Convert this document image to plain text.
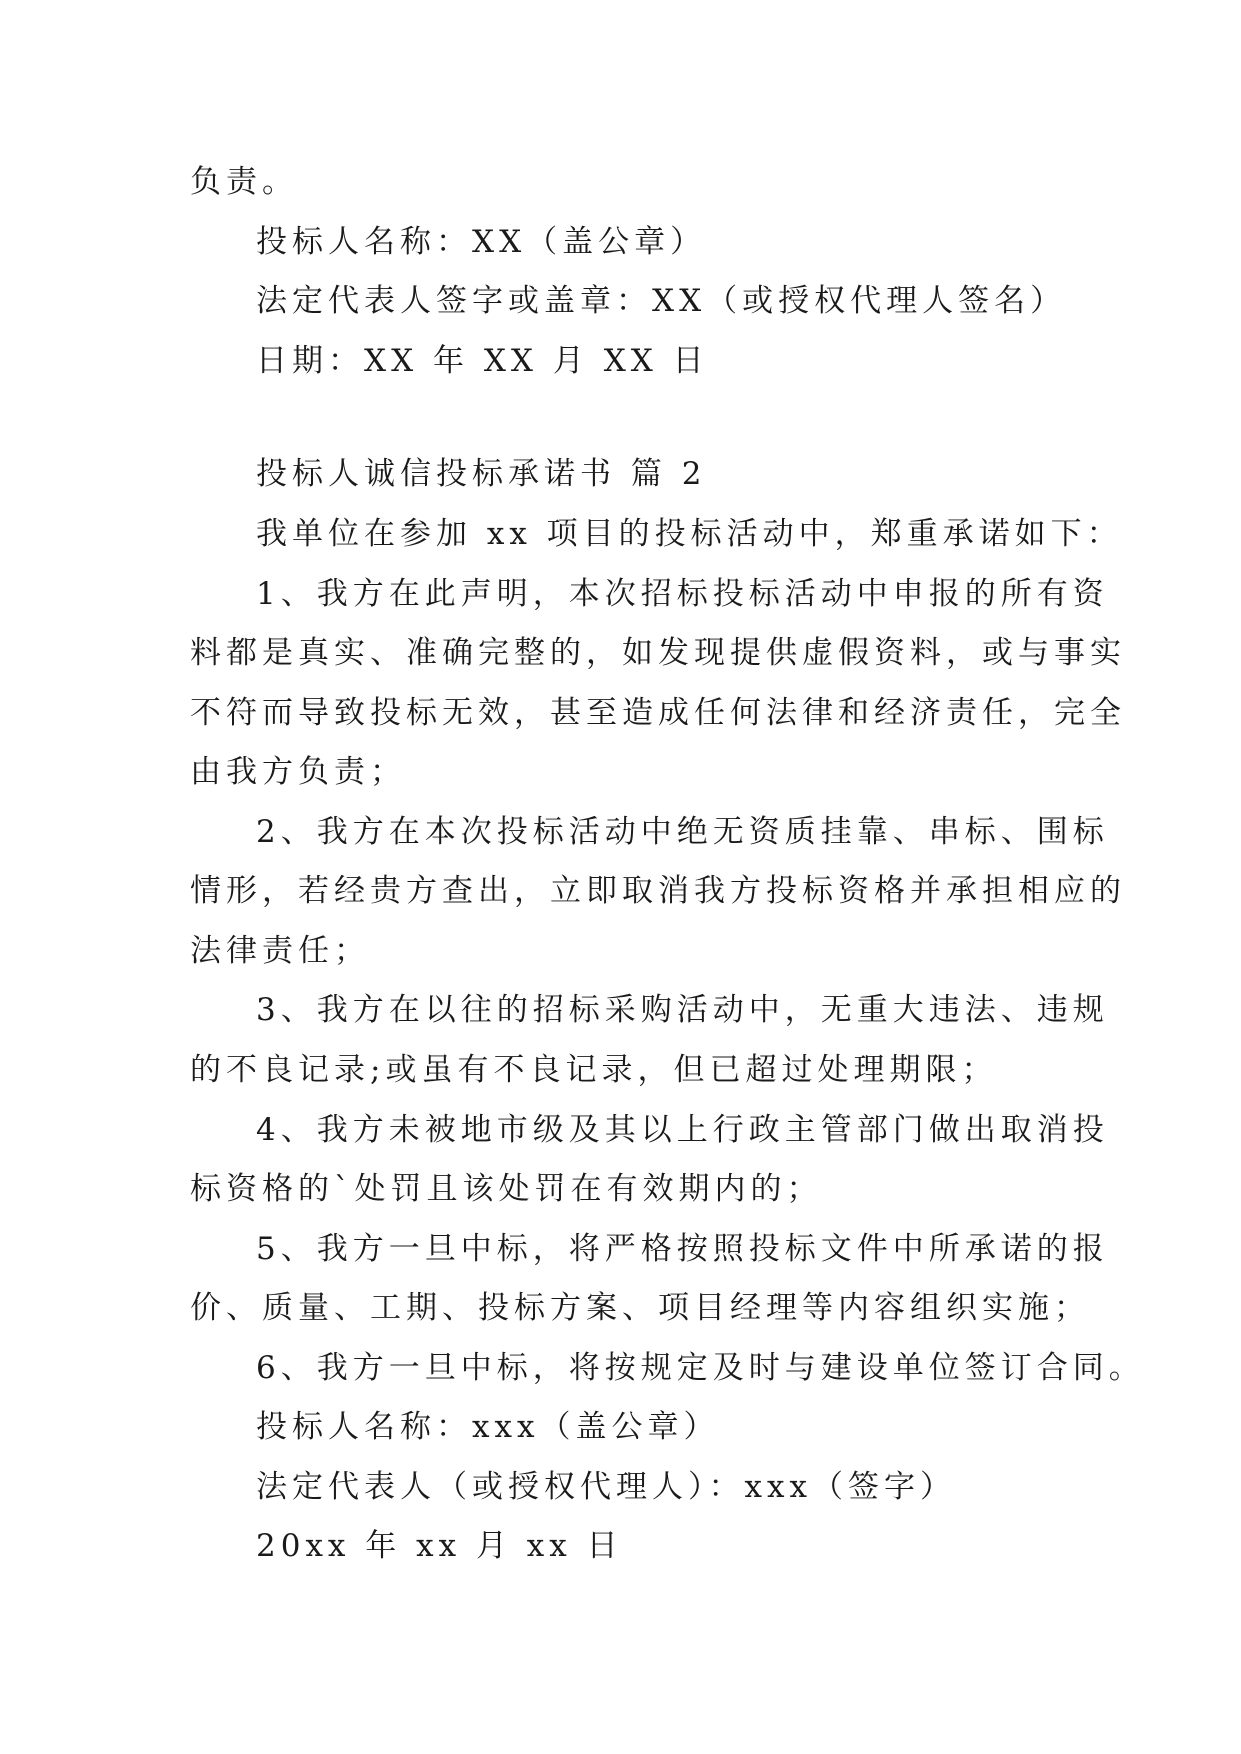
负责。
投标人名称：XX（盖公章）
法定代表人签字或盖章：XX（或授权代理人签名）
日期：XX 年 XX 月 XX 日
投标人诚信投标承诺书 篇 2
我单位在参加 xx 项目的投标活动中，郑重承诺如下：
1、我方在此声明，本次招标投标活动中申报的所有资
料都是真实、准确完整的，如发现提供虚假资料，或与事实
不符而导致投标无效，甚至造成任何法律和经济责任，完全
由我方负责；
2、我方在本次投标活动中绝无资质挂靠、串标、围标
情形，若经贵方查出，立即取消我方投标资格并承担相应的
法律责任；
3、我方在以往的招标采购活动中，无重大违法、违规
的不良记录;或虽有不良记录，但已超过处理期限；
4、我方未被地市级及其以上行政主管部门做出取消投
标资格的`处罚且该处罚在有效期内的；
5、我方一旦中标，将严格按照投标文件中所承诺的报
价、质量、工期、投标方案、项目经理等内容组织实施；
6、我方一旦中标，将按规定及时与建设单位签订合同。
投标人名称：xxx（盖公章）
法定代表人（或授权代理人）：xxx（签字）
20xx 年 xx 月 xx 日
